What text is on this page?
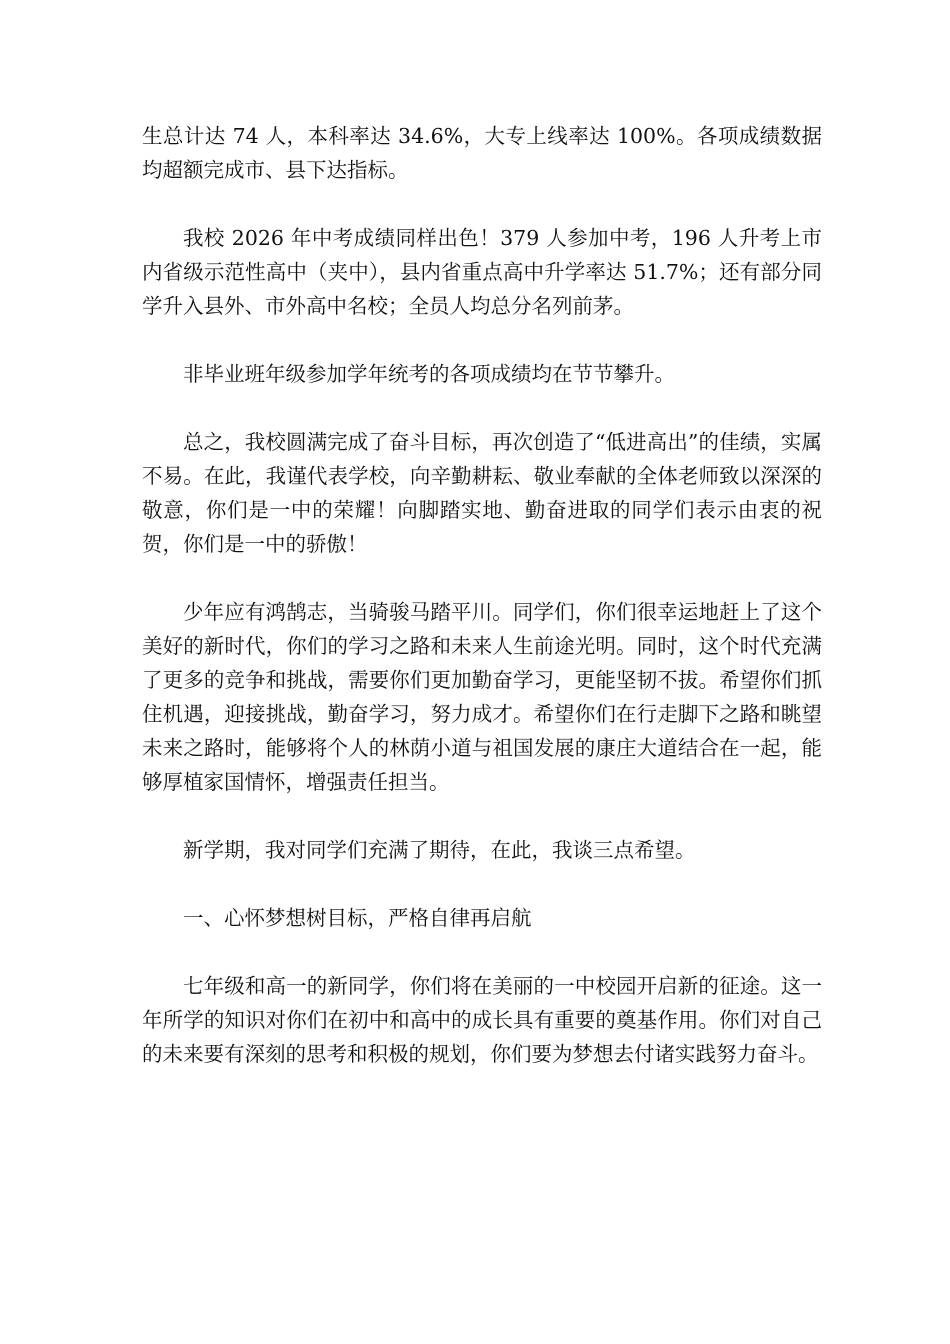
生总计达 74 人，本科率达 34.6%，大专上线率达 100%。各项成绩数据均超额完成市、县下达指标。

我校 2026 年中考成绩同样出色！379 人参加中考，196 人升考上市内省级示范性高中（夹中），县内省重点高中升学率达 51.7%；还有部分同学升入县外、市外高中名校；全员人均总分名列前茅。

非毕业班年级参加学年统考的各项成绩均在节节攀升。

总之，我校圆满完成了奋斗目标，再次创造了“低进高出”的佳绩，实属不易。在此，我谨代表学校，向辛勤耕耘、敬业奉献的全体老师致以深深的敬意，你们是一中的荣耀！向脚踏实地、勤奋进取的同学们表示由衷的祝贺，你们是一中的骄傲！

少年应有鸿鹄志，当骑骏马踏平川。同学们，你们很幸运地赶上了这个美好的新时代，你们的学习之路和未来人生前途光明。同时，这个时代充满了更多的竞争和挑战，需要你们更加勤奋学习，更能坚韧不拔。希望你们抓住机遇，迎接挑战，勤奋学习，努力成才。希望你们在行走脚下之路和眺望未来之路时，能够将个人的林荫小道与祖国发展的康庄大道结合在一起，能够厚植家国情怀，增强责任担当。

新学期，我对同学们充满了期待，在此，我谈三点希望。

一、心怀梦想树目标，严格自律再启航

七年级和高一的新同学，你们将在美丽的一中校园开启新的征途。这一年所学的知识对你们在初中和高中的成长具有重要的奠基作用。你们对自己的未来要有深刻的思考和积极的规划，你们要为梦想去付诸实践努力奋斗。
